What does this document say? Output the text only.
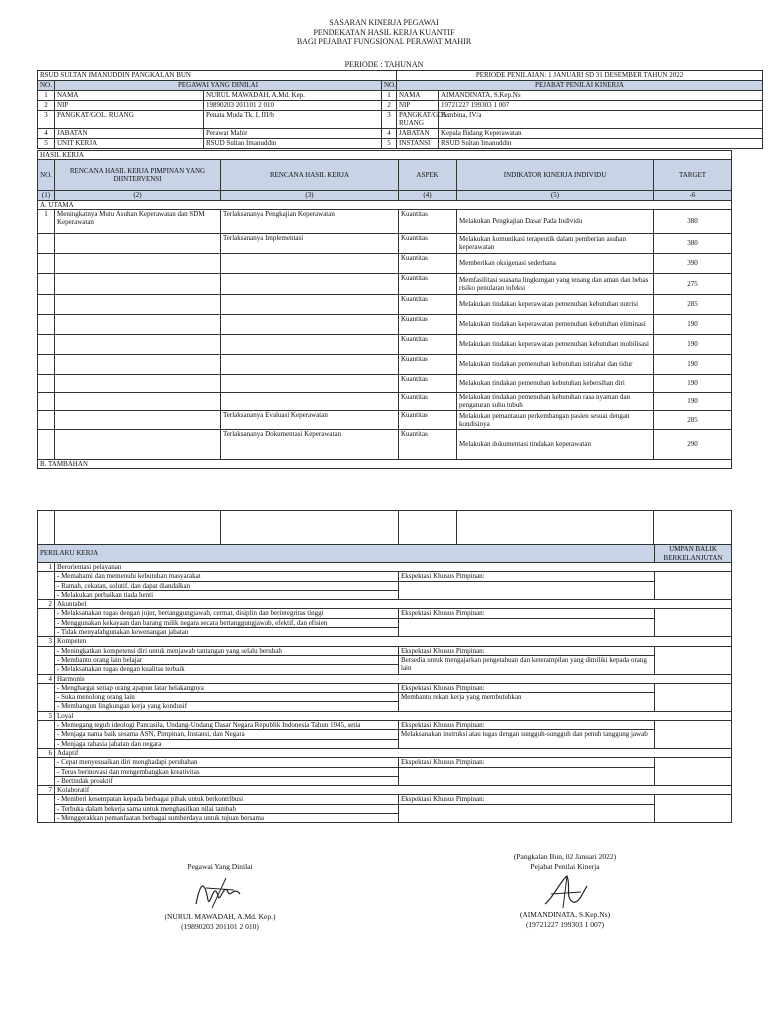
SASARAN KINERJA PEGAWAI
PENDEKATAN HASIL KERJA KUANTIF
BAGI PEJABAT FUNGSIONAL PERAWAT MAHIR
PERIODE : TAHUNAN
RSUD SULTAN IMANUDDIN PANGKALAN BUN				PERIODE PENILAIAN: 1 JANUARI SD 31 DESEMBER TAHUN 2022	
NO.	PEGAWAI YANG DINILAI		NO.	PEJABAT PENILAI KINERJA	
1	NAMA	NURUL MAWADAH, A.Md. Kep.	1	NAMA	AIMANDINATA, S.Kep.Ns
2	NIP	19890203 201101 2 010	2	NIP	19721227 199303 1 007
3	PANGKAT/GOL. RUANG	Penata Muda Tk. I, III/b	3	PANGKAT/GOL. RUANG	Pembina, IV/a
4	JABATAN	Perawat Mahir	4	JABATAN	Kepala Bidang Keperawatan
5	UNIT KERJA	RSUD Sultan Imanuddin	5	INSTANSI	RSUD Sultan Imanuddin
HASIL KERJA					
NO.	RENCANA HASIL KERJA PIMPINAN YANG DIINTERVENSI	RENCANA HASIL KERJA	ASPEK	INDIKATOR KINERJA INDIVIDU	TARGET
(1)	(2)	(3)	(4)	(5)	-6
A. UTAMA					
1	Meningkatnya Mutu Asuhan Keperawatan dan SDM Keperawatan	Terlaksananya Pengkajian Keperawatan	Kuantitas	Melakukan Pengkajian Dasar Pada Individu	380
		Terlaksananya Implementasi	Kuantitas	Melakukan komunikasi terapeutik dalam pemberian asuhan keperawatan	380
			Kuantitas	Memberikan oksigenasi sederhana	390
			Kuantitas	Memfasilitasi suasana lingkungan yang tenang dan aman dan bebas risiko penularan infeksi	275
			Kuantitas	Melakukan tindakan keperawatan pemenuhan kebutuhan nutrisi	285
			Kuantitas	Melakukan tindakan keperawatan pemenuhan kebutuhan eliminasi	190
			Kuantitas	Melakukan tindakan keperawatan pemenuhan kebutuhan mobilisasi	190
			Kuantitas	Melakukan tindakan pemenuhan kebutuhan istirahat dan tidur	190
			Kuantitas	Melakukan tindakan pemenuhan kebutuhan kebersihan diri	190
			Kuantitas	Melakukan tindakan pemenuhan kebutuhan rasa nyaman dan pengaturan suhu tubuh	190
		Terlaksananya Evaluasi Keperawatan	Kuantitas	Melakukan pemantauan perkembangan pasien sesuai dengan kondisinya	285
		Terlaksananya Dokumentasi Keperawatan	Kuantitas	Melakukan dokumentasi tindakan keperawatan	290
B. TAMBAHAN					

PERILAKU KERJA			UMPAN BALIK BERKELANJUTAN
1	Berorientasi pelayanan		
	- Memahami dan memenuhi kebutuhan masyarakat	Ekspektasi Khusus Pimpinan:	
	- Ramah, cekatan, solutif, dan dapat diandalkan		
	- Melakukan perbaikan tiada henti		
2	Akuntabel		
	- Melaksanakan tugas dengan jujur, bertanggungjawab, cermat, disiplin dan berintegritas tinggi	Ekspektasi Khusus Pimpinan:	
	- Menggunakan kekayaan dan barang milik negara secara bertanggungjawab, efektif, dan efisien		
	- Tidak menyalahgunakan kewenangan jabatan		
3	Kompeten		
	- Meningkatkan kompetensi diri untuk menjawab tantangan yang selalu berubah	Ekspektasi Khusus Pimpinan:	
	- Membantu orang lain belajar	Bersedia untuk mengajarkan pengetahuan dan keterampilan yang dimiliki kepada orang lain	
	- Melaksanakan tugas dengan kualitas terbaik		
4	Harmonis		
	- Menghargai setiap orang apapun latar belakangnya	Ekspektasi Khusus Pimpinan:	
	- Suka menolong orang lain	Membantu rekan kerja yang membutuhkan	
	- Membangun lingkungan kerja yang kondusif		
5	Loyal		
	- Memegang teguh ideologi Pancasila, Undang-Undang Dasar Negara Republik Indonesia Tahun 1945, setia	Ekspektasi Khusus Pimpinan:	
	- Menjaga nama baik sesama ASN, Pimpinan, Instansi, dan Negara	Melaksanakan instruksi atau tugas dengan sungguh-sungguh dan penuh tanggung jawab	
	- Menjaga rahasia jabatan dan negara		
6	Adaptif		
	- Cepat menyesuaikan diri menghadapi perubahan	Ekspektasi Khusus Pimpinan:	
	- Terus berinovasi dan mengembangkan kreativitas		
	- Bertindak proaktif		
7	Kolaboratif		
	- Memberi kesempatan kepada berbagai pihak untuk berkontribusi	Ekspektasi Khusus Pimpinan:	
	- Terbuka dalam bekerja sama untuk menghasilkan nilai tambah		
	- Menggerakkan pemanfaatan berbagai sumberdaya untuk tujuan bersama		
Pegawai Yang Dinilai
(NURUL MAWADAH, A.Md. Kep.)
(19890203 201101 2 010)
(Pangkalan Bun, 02 Januari 2022)
Pejabat Penilai Kinerja
(AIMANDINATA, S.Kep.Ns)
(19721227 199303 1 007)
